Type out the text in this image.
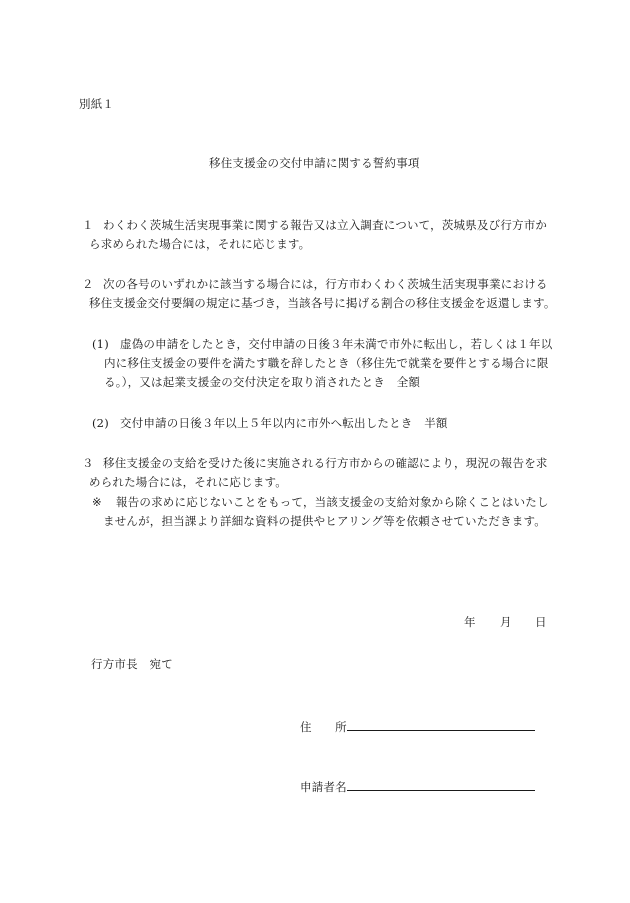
別紙１
移住支援金の交付申請に関する誓約事項
１ わくわく茨城生活実現事業に関する報告又は立入調査について，茨城県及び行方市か
ら求められた場合には，それに応じます。
２ 次の各号のいずれかに該当する場合には，行方市わくわく茨城生活実現事業における
移住支援金交付要綱の規定に基づき，当該各号に掲げる割合の移住支援金を返還します。
(1) 虚偽の申請をしたとき，交付申請の日後３年未満で市外に転出し，若しくは１年以
内に移住支援金の要件を満たす職を辞したとき（移住先で就業を要件とする場合に限
る。），又は起業支援金の交付決定を取り消されたとき　全額
(2) 交付申請の日後３年以上５年以内に市外へ転出したとき　半額
３ 移住支援金の支給を受けた後に実施される行方市からの確認により，現況の報告を求
められた場合には，それに応じます。
※ 報告の求めに応じないことをもって，当該支援金の支給対象から除くことはいたし
ませんが，担当課より詳細な資料の提供やヒアリング等を依頼させていただきます。
年 月 日
行方市長　宛て
住　　所
申請者名
